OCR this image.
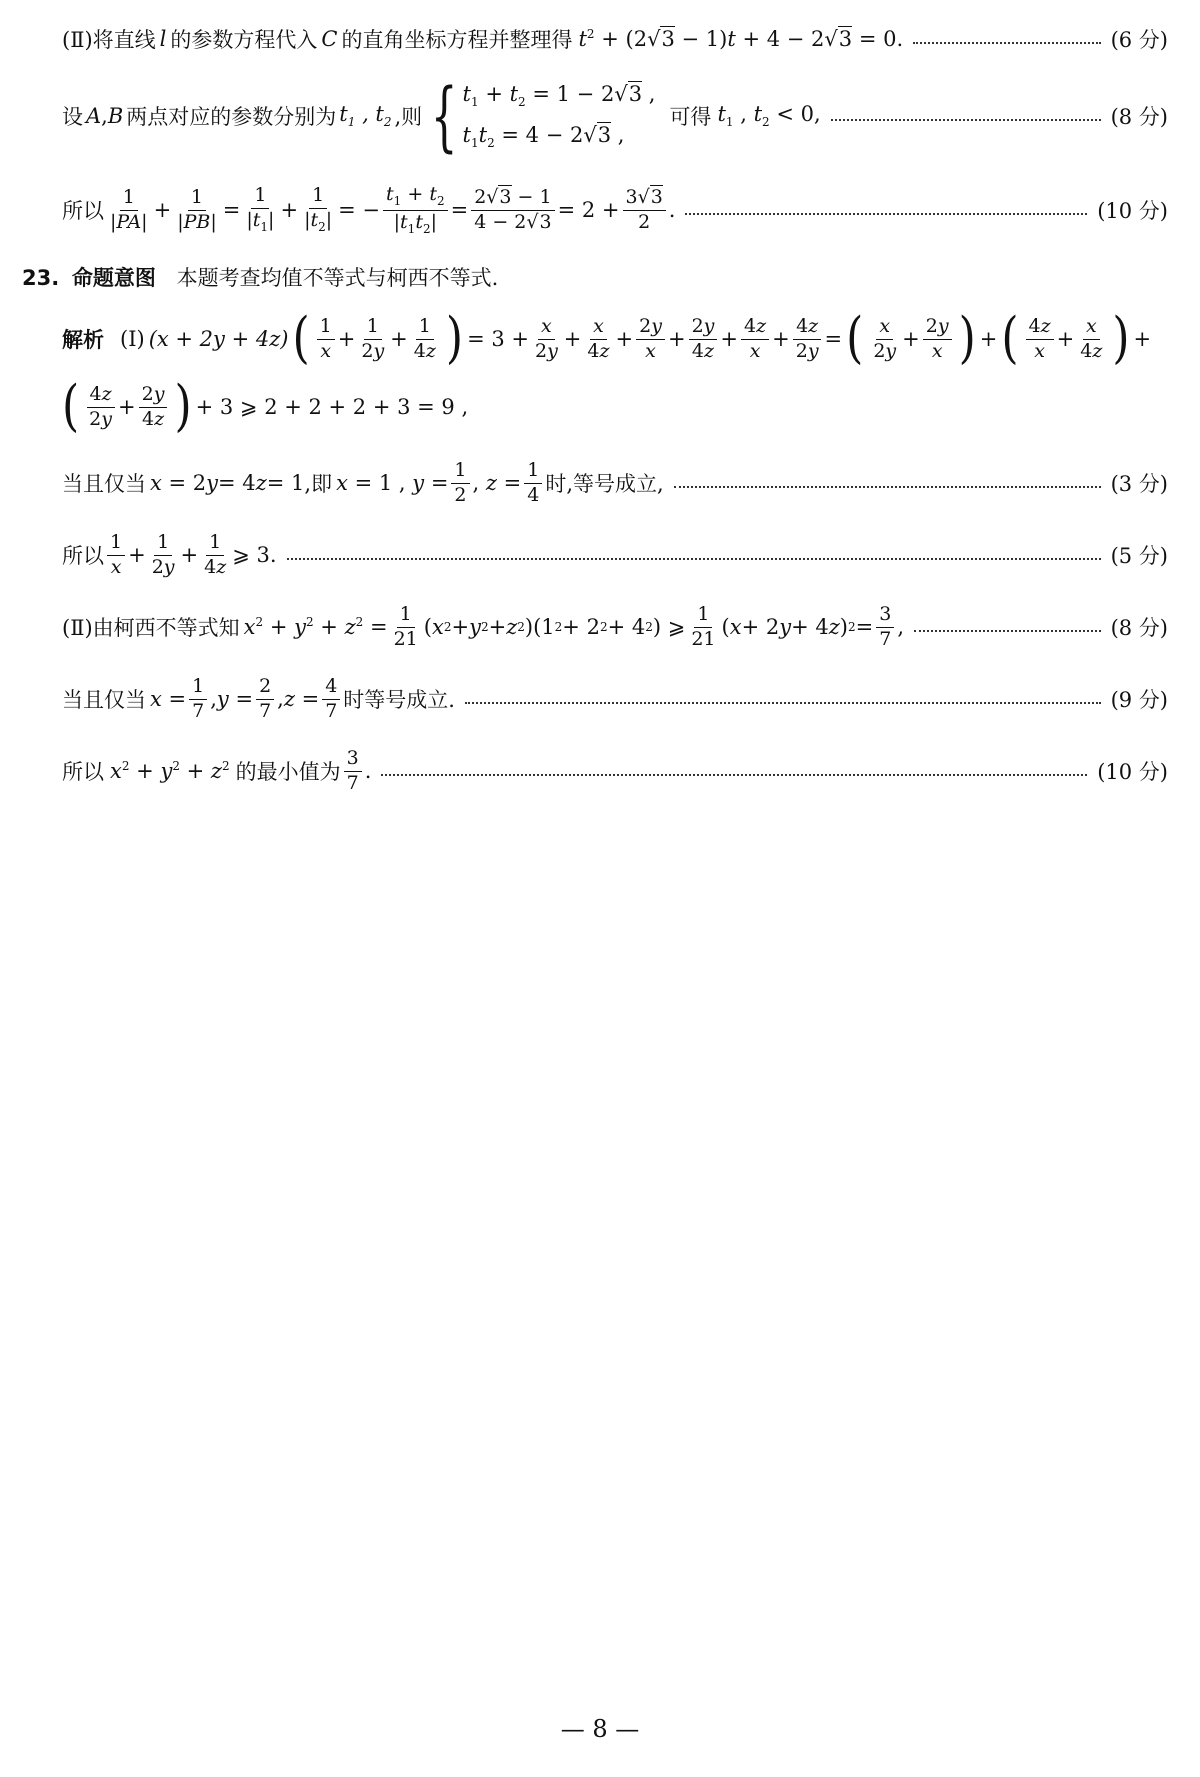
(Ⅱ)将直线 l 的参数方程代入 C 的直角坐标方程并整理得 $t^2 + (2√3 - 1)t + 4 - 2√3 = 0$.	(6 分)
设 A , B 两点对应的参数分别为 $t_1$ , $t_2$ ,则 { $t_1 + t_2 = 1 - 2√3$ ,
$t_1t_2 = 4 - 2√3$ ,
可得 $t_1$ , $t_2 < 0$,	(8 分)
所以 $\frac{1}{|PA|} + \frac{1}{|PB|} = \frac{1}{|t_1|} + \frac{1}{|t_2|}$ = − $\frac{t_1 + t_2}{|t_1t_2|} = \frac{2√3 - 1}{4 - 2√3} = 2 + \frac{3√3}{2}$ .	(10 分)
23. 命题意图 本题考查均值不等式与柯西不等式.
解析 (Ⅰ) (x + 2y + 4z) ( $\frac{1}{x} + \frac{1}{2y} + \frac{1}{4z}$ ) = $3 + \frac{x}{2y} + \frac{x}{4z} + \frac{2y}{x} + \frac{2y}{4z} + \frac{4z}{x} + \frac{4z}{2y}$ = ( $\frac{x}{2y} + \frac{2y}{x}$ ) + ( $\frac{4z}{x} + \frac{x}{4z}$ ) +
( $\frac{4z}{2y} + \frac{2y}{4z}$ ) + 3 ⩾ 2 + 2 + 2 + 3 = 9 ,
当且仅当 x = 2 y = 4 z = 1 ,即 x = 1 , $y = \frac{1}{2}$ , $z = \frac{1}{4}$ 时,等号成立,	(3 分)
所以 $\frac{1}{x} + \frac{1}{2y} + \frac{1}{4z}$ ⩾ 3.	(5 分)
(Ⅱ)由柯西不等式知 $x^2 + y^2 + z^2 = \frac{1}{21}$ ( x 2 + y 2 + z 2 )(1 2 + 2 2 + 4 2 ) ⩾ $\frac{1}{21}$ ( x + 2 y + 4 z ) $2 = \frac{3}{7}$ ,	(8 分)
当且仅当 $x = \frac{1}{7}$ , $y = \frac{2}{7}$ , $z = \frac{4}{7}$ 时等号成立.	(9 分)
所以 $x^2 + y^2 + z^2$ 的最小值为 $\frac{3}{7}$ .	(10 分)
— 8 —
